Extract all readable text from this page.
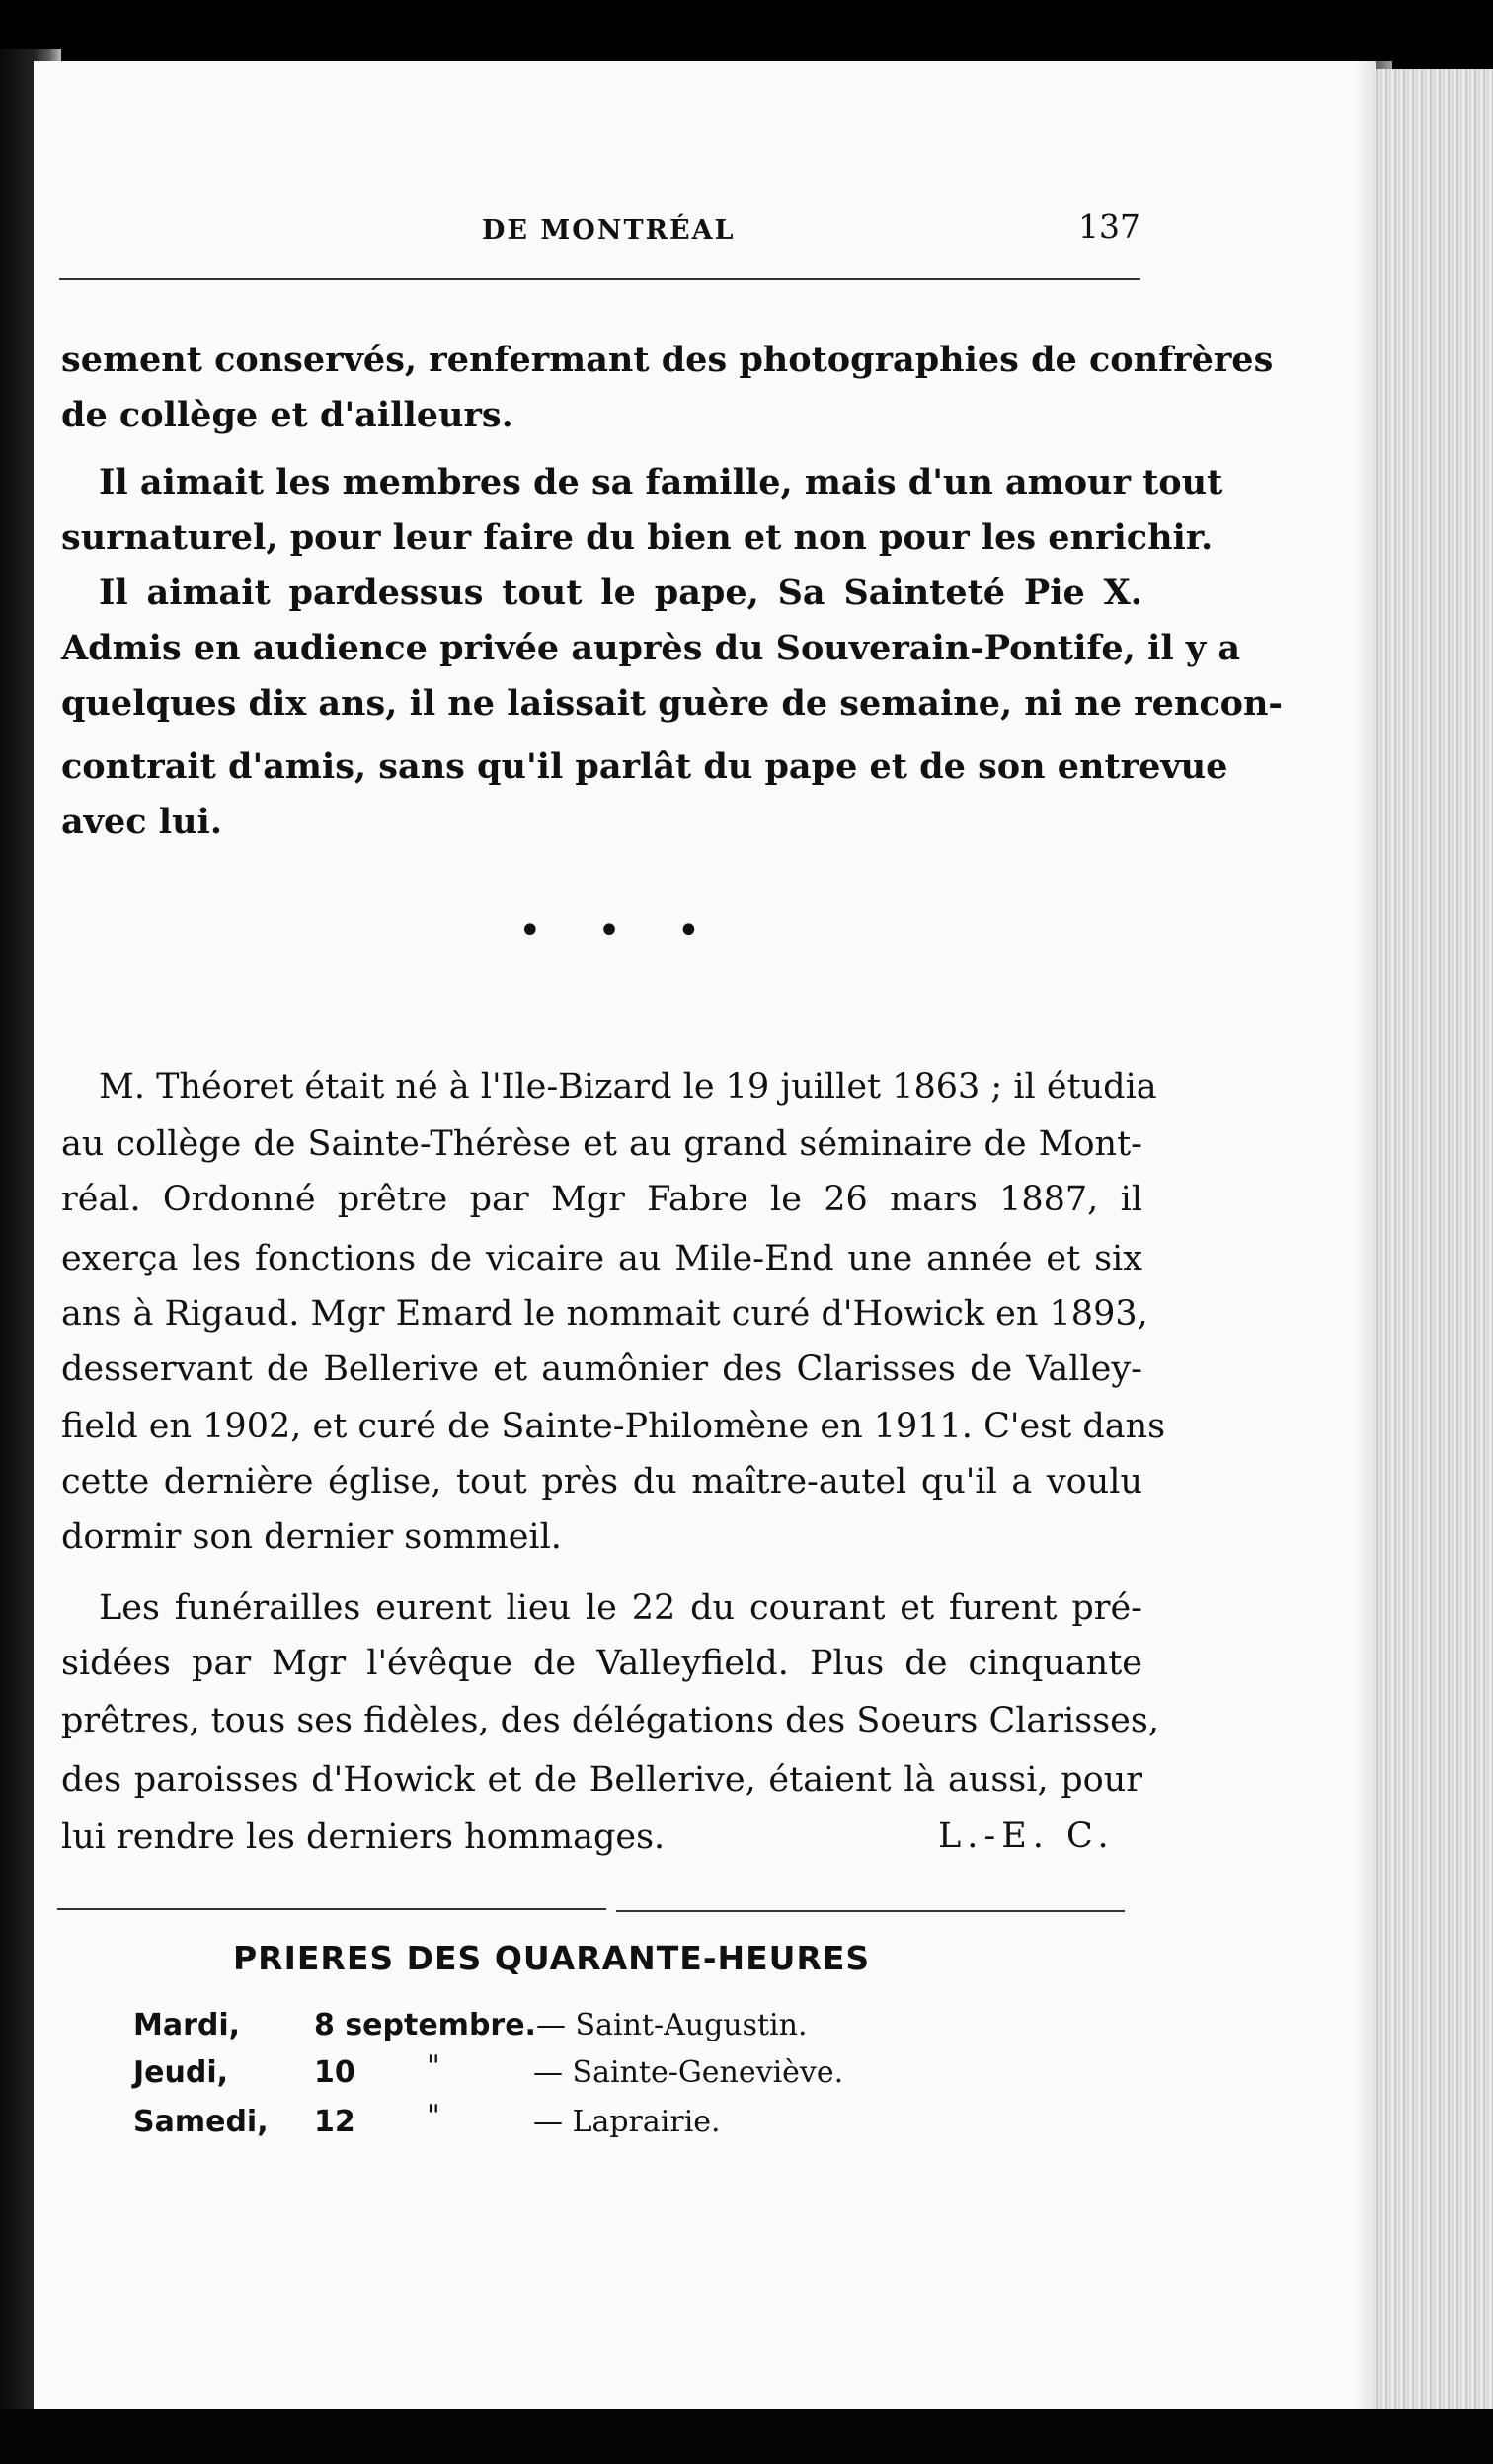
DE MONTRÉAL	137
sement conservés, renfermant des photographies de confrères
de collège et d'ailleurs.
Il aimait les membres de sa famille, mais d'un amour tout
surnaturel, pour leur faire du bien et non pour les enrichir.
Il aimait pardessus tout le pape, Sa Sainteté Pie X.
Admis en audience privée auprès du Souverain-Pontife, il y a
quelques dix ans, il ne laissait guère de semaine, ni ne rencon-
contrait d'amis, sans qu'il parlât du pape et de son entrevue
avec lui.
• • •
M. Théoret était né à l'Ile-Bizard le 19 juillet 1863 ; il étudia
au collège de Sainte-Thérèse et au grand séminaire de Mont-
réal. Ordonné prêtre par Mgr Fabre le 26 mars 1887, il
exerça les fonctions de vicaire au Mile-End une année et six
ans à Rigaud. Mgr Emard le nommait curé d'Howick en 1893,
desservant de Bellerive et aumônier des Clarisses de Valley-
field en 1902, et curé de Sainte-Philomène en 1911. C'est dans
cette dernière église, tout près du maître-autel qu'il a voulu
dormir son dernier sommeil.
Les funérailles eurent lieu le 22 du courant et furent pré-
sidées par Mgr l'évêque de Valleyfield. Plus de cinquante
prêtres, tous ses fidèles, des délégations des Soeurs Clarisses,
des paroisses d'Howick et de Bellerive, étaient là aussi, pour
lui rendre les derniers hommages.	L.-E. C.
PRIERES DES QUARANTE-HEURES
Mardi, 8 septembre. — Saint-Augustin.
Jeudi,	10 "	— Sainte-Geneviève.
Samedi, 12 "	— Laprairie.
